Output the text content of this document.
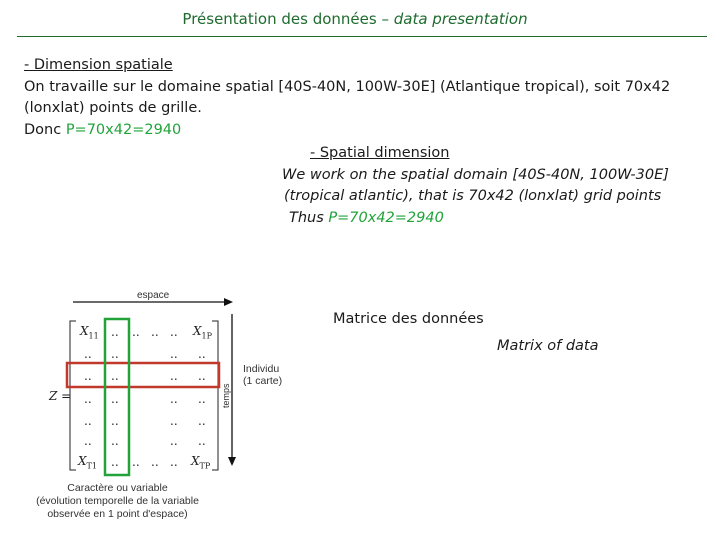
Présentation des données – data presentation
- Dimension spatiale
On travaille sur le domaine spatial [40S-40N, 100W-30E] (Atlantique tropical), soit 70x42
(lonxlat) points de grille.
Donc P=70x42=2940
- Spatial dimension
We work on the spatial domain [40S-40N, 100W-30E]
(tropical atlantic), that is 70x42 (lonxlat) grid points
Thus P=70x42=2940
espace
temps
$X_{11}$ .. .. .. .. $X_{1P}$
.. ..	.. ..
.. ..	.. ..
Z = .. ..	.. ..
.. ..	.. ..
.. ..	.. ..
$X_{T1}$ .. .. .. .. $X_{TP}$
Individu
(1 carte)
Matrice des données
Matrix of data
Caractère ou variable
(évolution temporelle de la variable
observée en 1 point d'espace)
